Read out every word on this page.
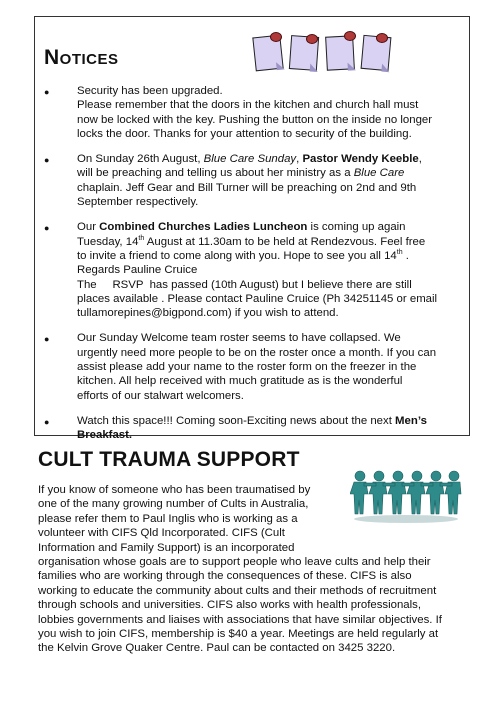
Notices
● Security has been upgraded.
Please remember that the doors in the kitchen and church hall must
now be locked with the key. Pushing the button on the inside no longer
locks the door. Thanks for your attention to security of the building.
● On Sunday 26th August, Blue Care Sunday, Pastor Wendy Keeble,
will be preaching and telling us about her ministry as a Blue Care
chaplain. Jeff Gear and Bill Turner will be preaching on 2nd and 9th
September respectively.
● Our Combined Churches Ladies Luncheon is coming up again
Tuesday, 14th August at 11.30am to be held at Rendezvous. Feel free
to invite a friend to come along with you. Hope to see you all 14th .
Regards Pauline Cruice
The     RSVP  has passed (10th August) but I believe there are still
places available . Please contact Pauline Cruice (Ph 34251145 or email
tullamorepines@bigpond.com) if you wish to attend.
● Our Sunday Welcome team roster seems to have collapsed. We
urgently need more people to be on the roster once a month. If you can
assist please add your name to the roster form on the freezer in the
kitchen. All help received with much gratitude as is the wonderful
efforts of our stalwart welcomers.
● Watch this space!!! Coming soon-Exciting news about the next Men’s
Breakfast.
CULT TRAUMA SUPPORT
If you know of someone who has been traumatised by
one of the many growing number of Cults in Australia,
please refer them to Paul Inglis who is working as a
volunteer with CIFS Qld Incorporated. CIFS (Cult
Information and Family Support) is an incorporated
organisation whose goals are to support people who leave cults and help their
families who are working through the consequences of these. CIFS is also
working to educate the community about cults and their methods of recruitment
through schools and universities. CIFS also works with health professionals,
lobbies governments and liaises with associations that have similar objectives. If
you wish to join CIFS, membership is $40 a year. Meetings are held regularly at
the Kelvin Grove Quaker Centre. Paul can be contacted on 3425 3220.
